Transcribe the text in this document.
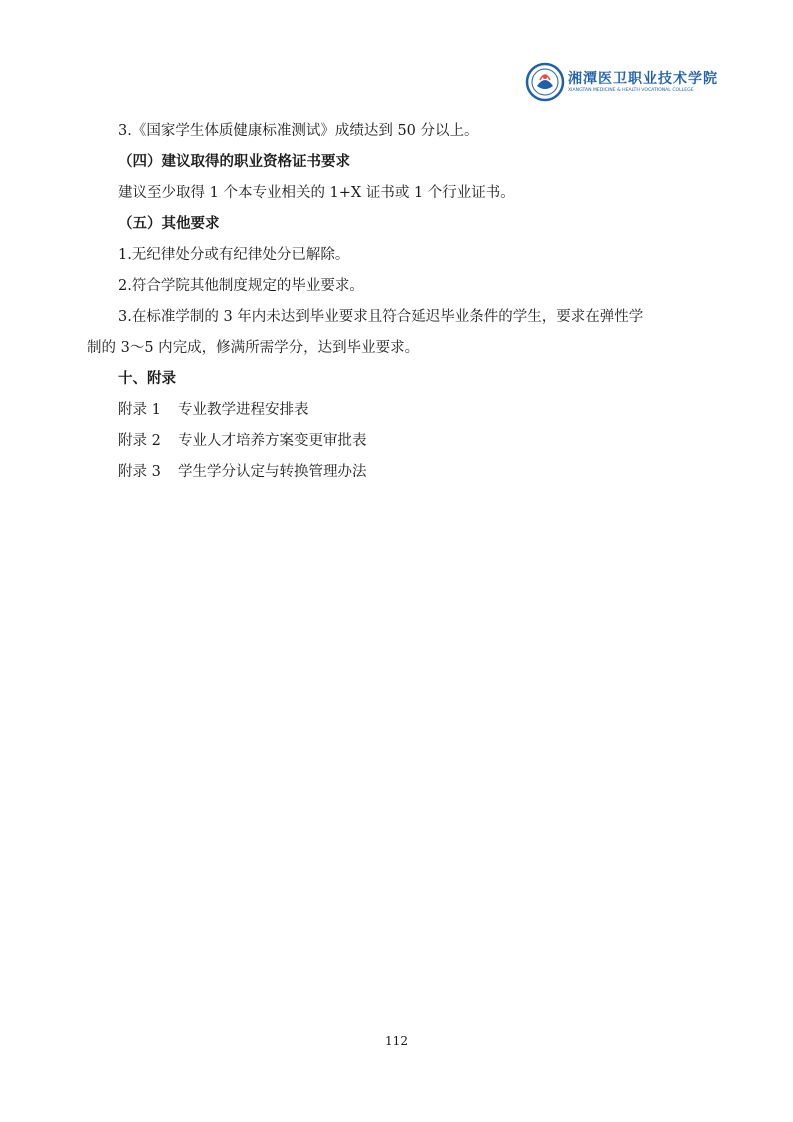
湘潭医卫职业技术学院
XIANGTAN MEDICINE & HEALTH VOCATIONAL COLLEGE

3.《国家学生体质健康标准测试》成绩达到 50 分以上。

（四）建议取得的职业资格证书要求

建议至少取得 1 个本专业相关的 1+X 证书或 1 个行业证书。

（五）其他要求

1.无纪律处分或有纪律处分已解除。

2.符合学院其他制度规定的毕业要求。

3.在标准学制的 3 年内未达到毕业要求且符合延迟毕业条件的学生，要求在弹性学
制的 3～5 内完成，修满所需学分，达到毕业要求。

十、附录

附录 1 专业教学进程安排表

附录 2 专业人才培养方案变更审批表

附录 3 学生学分认定与转换管理办法

112
